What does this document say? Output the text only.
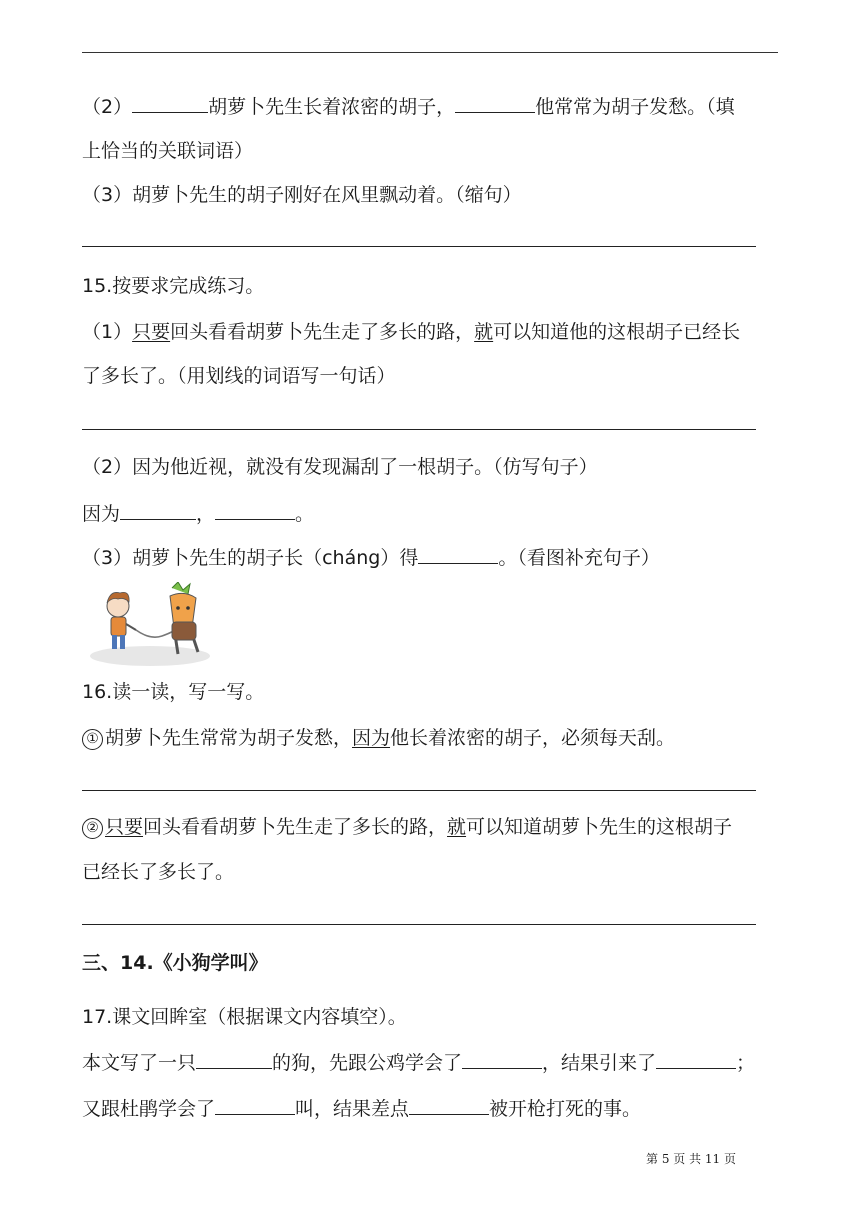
（2）	胡萝卜先生长着浓密的胡子，	他常常为胡子发愁。（填
上恰当的关联词语）
（3）胡萝卜先生的胡子刚好在风里飘动着。（缩句）
15.按要求完成练习。
（1）只要回头看看胡萝卜先生走了多长的路，就可以知道他的这根胡子已经长
了多长了。（用划线的词语写一句话）
（2）因为他近视，就没有发现漏刮了一根胡子。（仿写句子）
因为	，	。
（3）胡萝卜先生的胡子长（cháng）得	。（看图补充句子）
16.读一读，写一写。
① 胡萝卜先生常常为胡子发愁，因为他长着浓密的胡子，必须每天刮。
② 只要回头看看胡萝卜先生走了多长的路，就可以知道胡萝卜先生的这根胡子
已经长了多长了。
三、14.《小狗学叫》
17.课文回眸室（根据课文内容填空）。
本文写了一只	的狗，先跟公鸡学会了	，结果引来了	；
又跟杜鹃学会了	叫，结果差点	被开枪打死的事。
第 5 页 共 11 页
